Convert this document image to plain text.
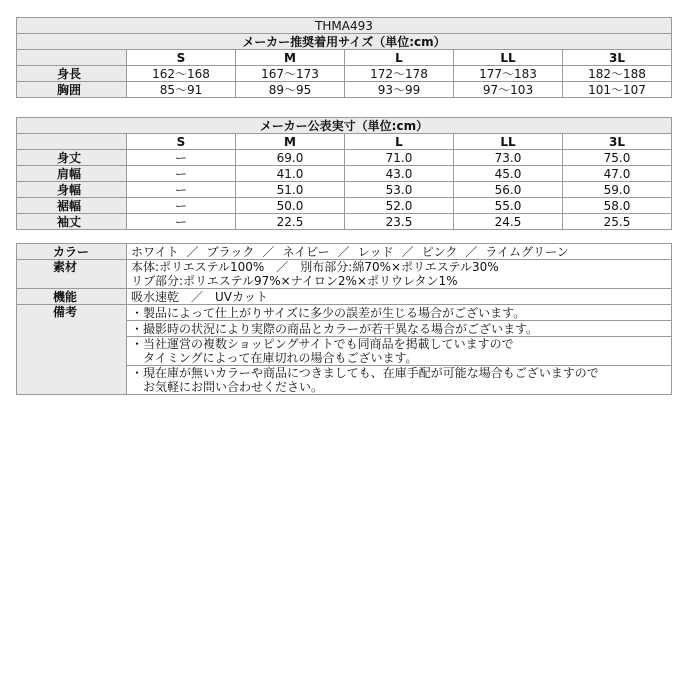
THMA493					
メーカー推奨着用サイズ（単位:cm）					
	S	M	L	LL	3L
身長	162～168	167～173	172～178	177～183	182～188
胸囲	85～91	89～95	93～99	97～103	101～107
メーカー公表実寸（単位:cm）					
	S	M	L	LL	3L
身丈	ー	69.0	71.0	73.0	75.0
肩幅	ー	41.0	43.0	45.0	47.0
身幅	ー	51.0	53.0	56.0	59.0
裾幅	ー	50.0	52.0	55.0	58.0
袖丈	ー	22.5	23.5	24.5	25.5
カラー	ホワイト ／ ブラック ／ ネイビー ／ レッド ／ ピンク ／ ライムグリーン
素材	本体:ポリエステル100%　／　別布部分:綿70%×ポリエステル30%
リブ部分:ポリエステル97%×ナイロン2%×ポリウレタン1%

機能	吸水速乾　／　UVカット
備考	・製品によって仕上がりサイズに多少の誤差が生じる場合がございます。

	・撮影時の状況により実際の商品とカラーが若干異なる場合がございます。

	・当社運営の複数ショッピングサイトでも同商品を掲載していますので
　タイミングによって在庫切れの場合もございます。

	・現在庫が無いカラーや商品につきましても、在庫手配が可能な場合もございますので
　お気軽にお問い合わせください。
